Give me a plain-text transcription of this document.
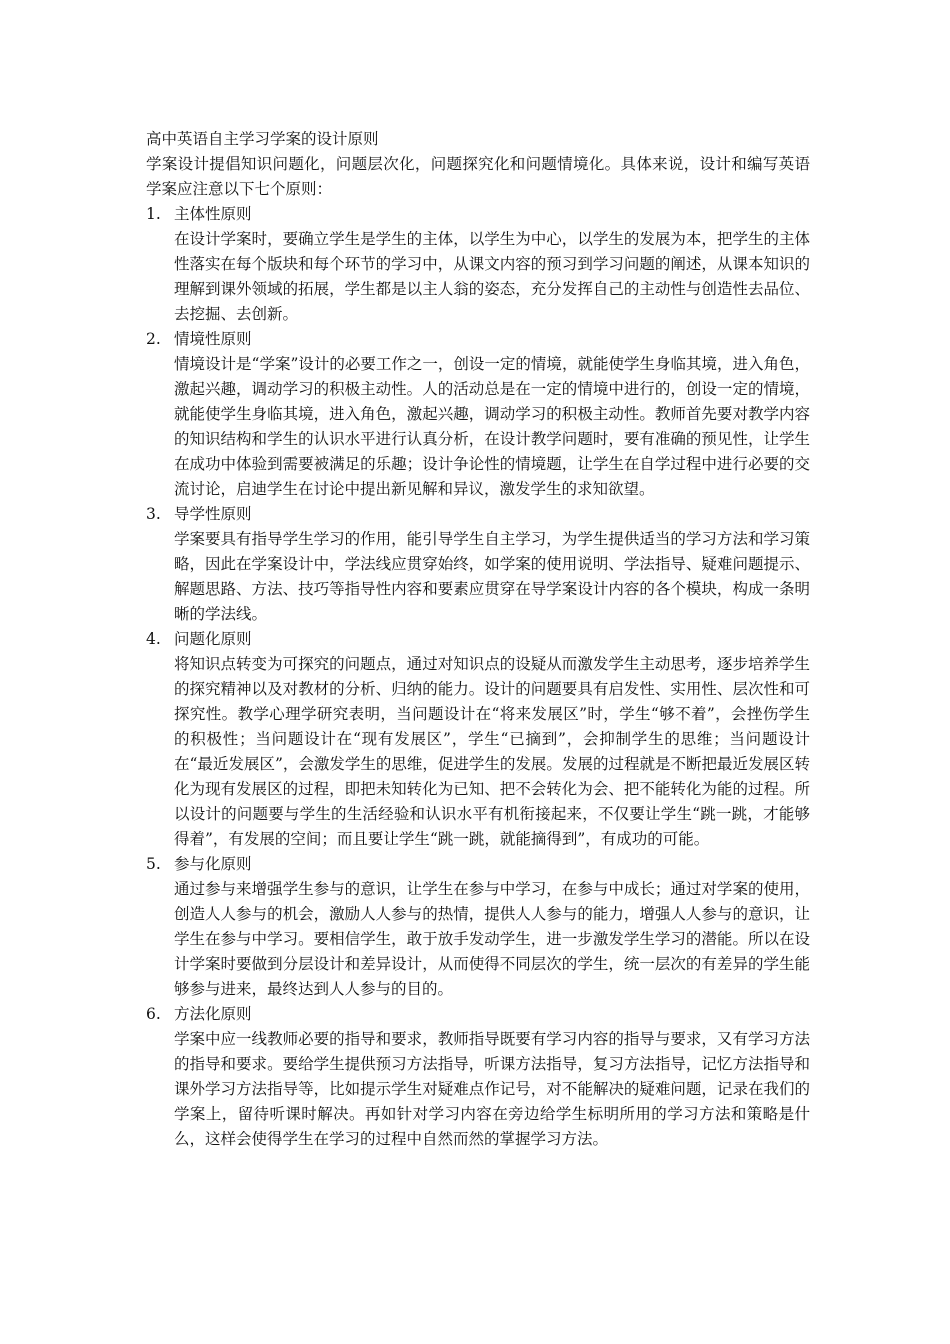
高中英语自主学习学案的设计原则

学案设计提倡知识问题化，问题层次化，问题探究化和问题情境化。具体来说，设计和编写英语学案应注意以下七个原则：

1. 主体性原则

在设计学案时，要确立学生是学生的主体，以学生为中心，以学生的发展为本，把学生的主体性落实在每个版块和每个环节的学习中，从课文内容的预习到学习问题的阐述，从课本知识的理解到课外领域的拓展，学生都是以主人翁的姿态，充分发挥自己的主动性与创造性去品位、去挖掘、去创新。

2. 情境性原则

情境设计是“学案”设计的必要工作之一，创设一定的情境，就能使学生身临其境，进入角色，激起兴趣，调动学习的积极主动性。人的活动总是在一定的情境中进行的，创设一定的情境，就能使学生身临其境，进入角色，激起兴趣，调动学习的积极主动性。教师首先要对教学内容的知识结构和学生的认识水平进行认真分析，在设计教学问题时，要有准确的预见性，让学生在成功中体验到需要被满足的乐趣；设计争论性的情境题，让学生在自学过程中进行必要的交流讨论，启迪学生在讨论中提出新见解和异议，激发学生的求知欲望。

3. 导学性原则

学案要具有指导学生学习的作用，能引导学生自主学习，为学生提供适当的学习方法和学习策略，因此在学案设计中，学法线应贯穿始终，如学案的使用说明、学法指导、疑难问题提示、解题思路、方法、技巧等指导性内容和要素应贯穿在导学案设计内容的各个模块，构成一条明晰的学法线。

4. 问题化原则

将知识点转变为可探究的问题点，通过对知识点的设疑从而激发学生主动思考，逐步培养学生的探究精神以及对教材的分析、归纳的能力。设计的问题要具有启发性、实用性、层次性和可探究性。教学心理学研究表明，当问题设计在“将来发展区”时，学生“够不着”，会挫伤学生的积极性；当问题设计在“现有发展区”，学生“已摘到”，会抑制学生的思维；当问题设计在“最近发展区”，会激发学生的思维，促进学生的发展。发展的过程就是不断把最近发展区转化为现有发展区的过程，即把未知转化为已知、把不会转化为会、把不能转化为能的过程。所以设计的问题要与学生的生活经验和认识水平有机衔接起来，不仅要让学生“跳一跳，才能够得着”，有发展的空间；而且要让学生“跳一跳，就能摘得到”，有成功的可能。

5. 参与化原则

通过参与来增强学生参与的意识，让学生在参与中学习，在参与中成长；通过对学案的使用，创造人人参与的机会，激励人人参与的热情，提供人人参与的能力，增强人人参与的意识，让学生在参与中学习。要相信学生，敢于放手发动学生，进一步激发学生学习的潜能。所以在设计学案时要做到分层设计和差异设计，从而使得不同层次的学生，统一层次的有差异的学生能够参与进来，最终达到人人参与的目的。

6. 方法化原则

学案中应一线教师必要的指导和要求，教师指导既要有学习内容的指导与要求，又有学习方法的指导和要求。要给学生提供预习方法指导，听课方法指导，复习方法指导，记忆方法指导和课外学习方法指导等，比如提示学生对疑难点作记号，对不能解决的疑难问题，记录在我们的学案上，留待听课时解决。再如针对学习内容在旁边给学生标明所用的学习方法和策略是什么，这样会使得学生在学习的过程中自然而然的掌握学习方法。
